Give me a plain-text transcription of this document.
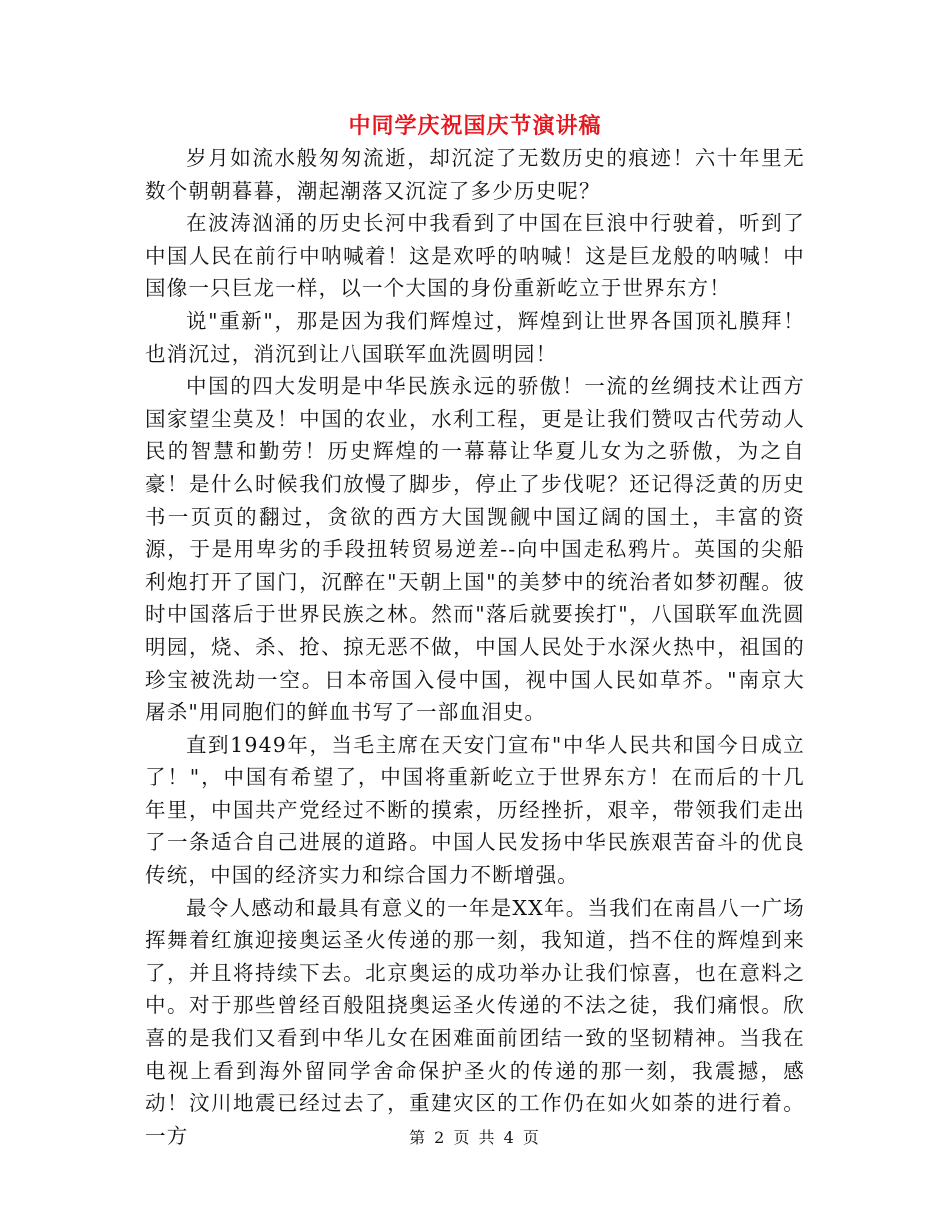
中同学庆祝国庆节演讲稿

岁月如流水般匆匆流逝，却沉淀了无数历史的痕迹！六十年里无数个朝朝暮暮，潮起潮落又沉淀了多少历史呢？

在波涛汹涌的历史长河中我看到了中国在巨浪中行驶着，听到了中国人民在前行中呐喊着！这是欢呼的呐喊！这是巨龙般的呐喊！中国像一只巨龙一样，以一个大国的身份重新屹立于世界东方！

说"重新"，那是因为我们辉煌过，辉煌到让世界各国顶礼膜拜！也消沉过，消沉到让八国联军血洗圆明园！

中国的四大发明是中华民族永远的骄傲！一流的丝绸技术让西方国家望尘莫及！中国的农业，水利工程，更是让我们赞叹古代劳动人民的智慧和勤劳！历史辉煌的一幕幕让华夏儿女为之骄傲，为之自豪！是什么时候我们放慢了脚步，停止了步伐呢？还记得泛黄的历史书一页页的翻过，贪欲的西方大国觊觎中国辽阔的国土，丰富的资源，于是用卑劣的手段扭转贸易逆差--向中国走私鸦片。英国的尖船利炮打开了国门，沉醉在"天朝上国"的美梦中的统治者如梦初醒。彼时中国落后于世界民族之林。然而"落后就要挨打"，八国联军血洗圆明园，烧、杀、抢、掠无恶不做，中国人民处于水深火热中，祖国的珍宝被洗劫一空。日本帝国入侵中国，视中国人民如草芥。"南京大屠杀"用同胞们的鲜血书写了一部血泪史。

直到1949年，当毛主席在天安门宣布"中华人民共和国今日成立了！"，中国有希望了，中国将重新屹立于世界东方！在而后的十几年里，中国共产党经过不断的摸索，历经挫折，艰辛，带领我们走出了一条适合自己进展的道路。中国人民发扬中华民族艰苦奋斗的优良传统，中国的经济实力和综合国力不断增强。

最令人感动和最具有意义的一年是XX年。当我们在南昌八一广场挥舞着红旗迎接奥运圣火传递的那一刻，我知道，挡不住的辉煌到来了，并且将持续下去。北京奥运的成功举办让我们惊喜，也在意料之中。对于那些曾经百般阻挠奥运圣火传递的不法之徒，我们痛恨。欣喜的是我们又看到中华儿女在困难面前团结一致的坚韧精神。当我在电视上看到海外留同学舍命保护圣火的传递的那一刻，我震撼，感动！汶川地震已经过去了，重建灾区的工作仍在如火如荼的进行着。一方	第 2 页 共 4 页
